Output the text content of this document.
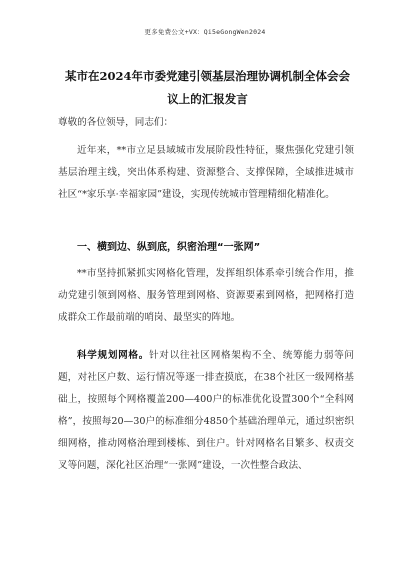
更多免费公文+VX：Qi5eGongWen2024
某市在2024年市委党建引领基层治理协调机制全体会会议上的汇报发言

尊敬的各位领导，同志们：

近年来，**市立足县域城市发展阶段性特征，聚焦强化党建引领基层治理主线，突出体系构建、资源整合、支撑保障，全域推进城市社区“*家乐享·幸福家园”建设，实现传统城市管理精细化精准化。

一、横到边、纵到底，织密治理“一张网”

**市坚持抓紧抓实网格化管理，发挥组织体系牵引统合作用，推动党建引领到网格、服务管理到网格、资源要素到网格，把网格打造成群众工作最前端的哨岗、最坚实的阵地。

科学规划网格。针对以往社区网格架构不全、统筹能力弱等问题，对社区户数、运行情况等逐一排查摸底，在38个社区一级网格基础上，按照每个网格覆盖200—400户的标准优化设置300个“全科网格”，按照每20—30户的标准细分4850个基础治理单元，通过织密织细网格，推动网格治理到楼栋、到住户。针对网格名目繁多、权责交叉等问题，深化社区治理“一张网”建设，一次性整合政法、
